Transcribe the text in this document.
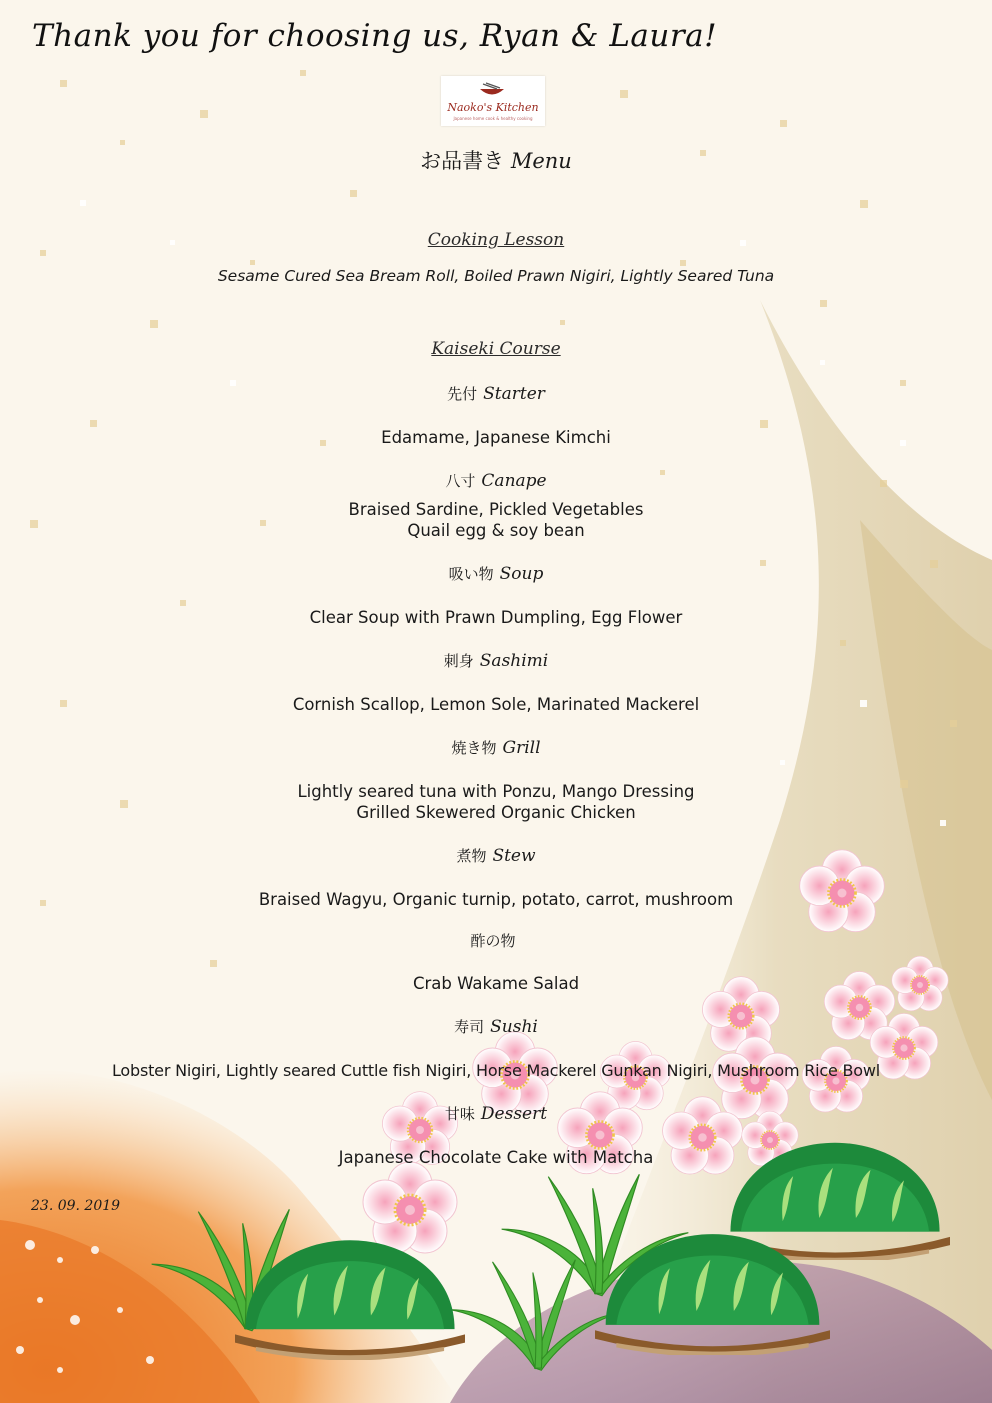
Thank you for choosing us, Ryan & Laura!
Naoko's Kitchen
Japanese home cook & healthy cooking
お品書き Menu
Cooking Lesson
Sesame Cured Sea Bream Roll, Boiled Prawn Nigiri, Lightly Seared Tuna
Kaiseki Course
先付 Starter
Edamame, Japanese Kimchi
八寸 Canape
Braised Sardine, Pickled Vegetables
Quail egg & soy bean
吸い物 Soup
Clear Soup with Prawn Dumpling, Egg Flower
刺身 Sashimi
Cornish Scallop, Lemon Sole, Marinated Mackerel
焼き物 Grill
Lightly seared tuna with Ponzu, Mango Dressing
Grilled Skewered Organic Chicken
煮物 Stew
Braised Wagyu, Organic turnip, potato, carrot, mushroom
酢の物
Crab Wakame Salad
寿司 Sushi
Lobster Nigiri, Lightly seared Cuttle fish Nigiri, Horse Mackerel Gunkan Nigiri, Mushroom Rice Bowl
甘味 Dessert
Japanese Chocolate Cake with Matcha
23. 09. 2019
